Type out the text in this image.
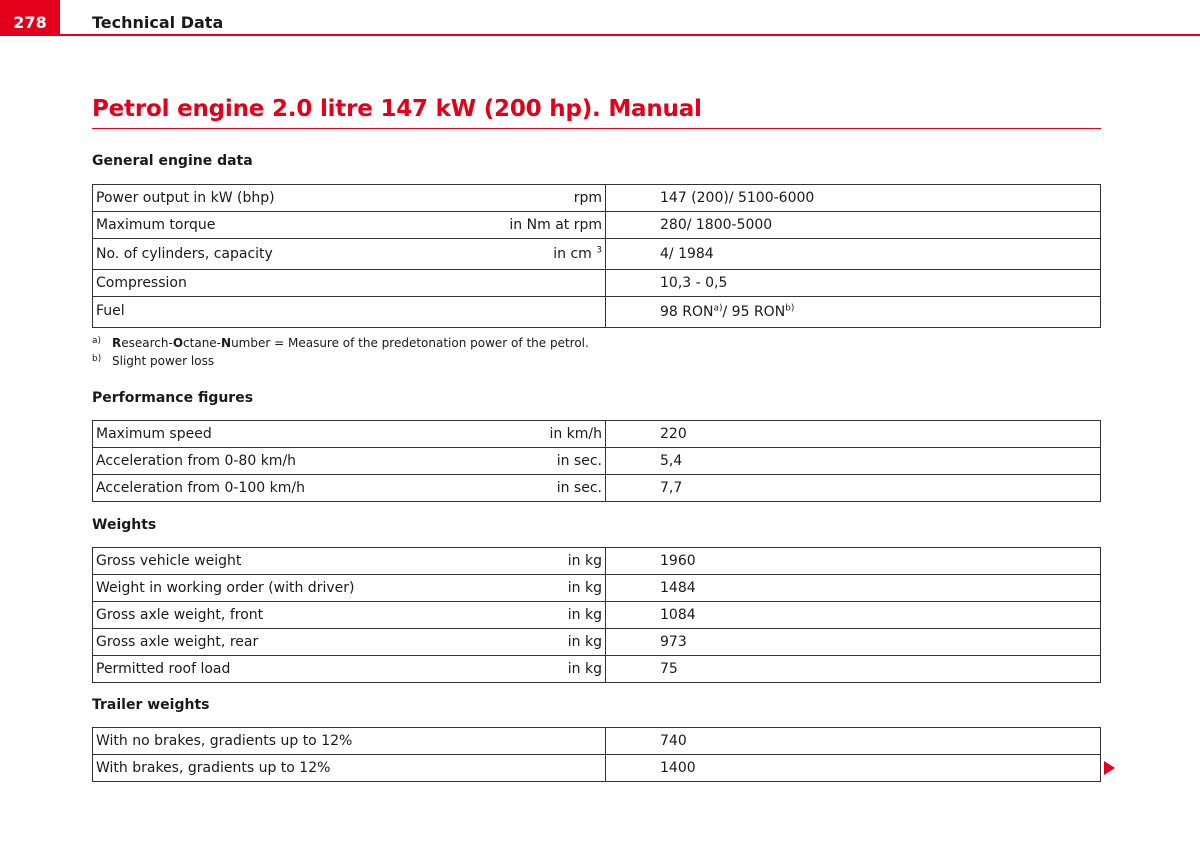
278	Technical Data
Petrol engine 2.0 litre 147 kW (200 hp). Manual
General engine data
Power output in kW (bhp)	rpm	147 (200)/ 5100-6000
Maximum torque	in Nm at rpm	280/ 1800-5000
No. of cylinders, capacity	in cm $^3$	4/ 1984
Compression		10,3 - 0,5
Fuel		98 RON$^{a)}$/ 95 RON$^{b)}$
a) Research-Octane-Number = Measure of the predetonation power of the petrol.
b) Slight power loss
Performance figures
Maximum speed	in km/h	220
Acceleration from 0-80 km/h	in sec.	5,4
Acceleration from 0-100 km/h	in sec.	7,7
Weights
Gross vehicle weight	in kg	1960
Weight in working order (with driver)	in kg	1484
Gross axle weight, front	in kg	1084
Gross axle weight, rear	in kg	973
Permitted roof load	in kg	75
Trailer weights
With no brakes, gradients up to 12%		740
With brakes, gradients up to 12%		1400
